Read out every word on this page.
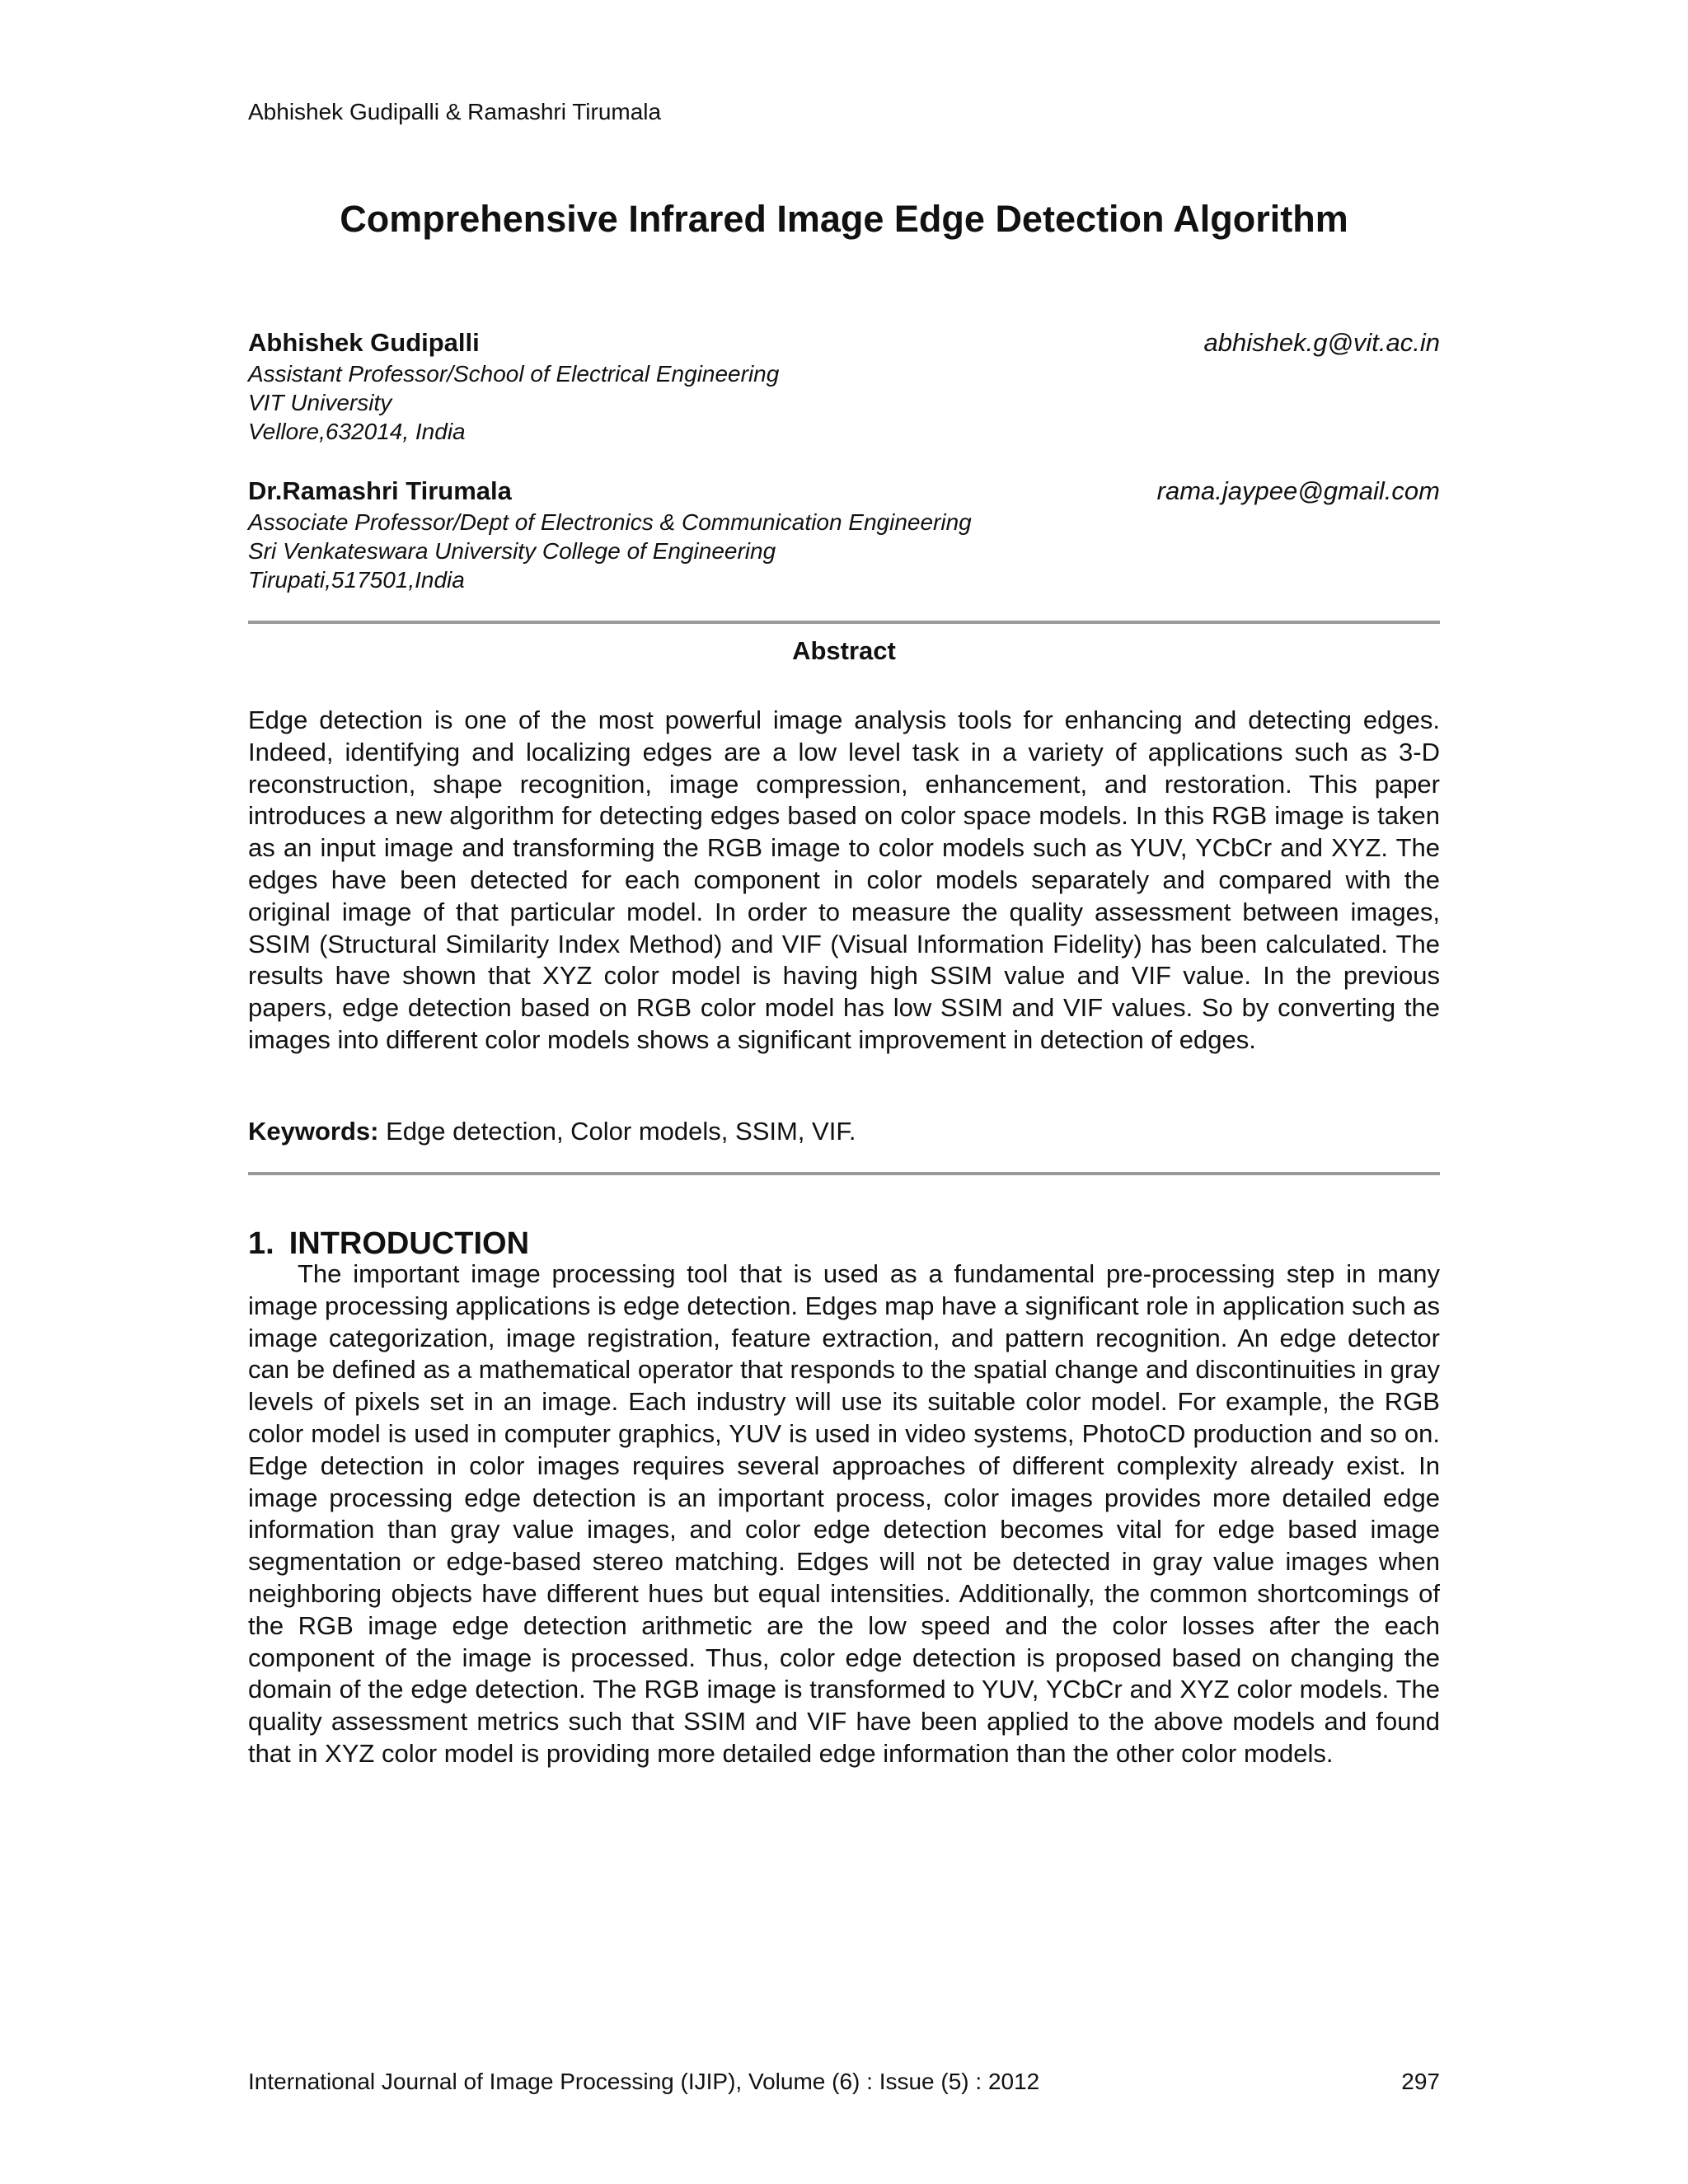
Abhishek Gudipalli & Ramashri Tirumala
Comprehensive Infrared Image Edge Detection Algorithm
Abhishek Gudipalli	abhishek.g@vit.ac.in
Assistant Professor/School of Electrical Engineering
VIT University
Vellore,632014, India
Dr.Ramashri Tirumala	rama.jaypee@gmail.com
Associate Professor/Dept of Electronics & Communication Engineering
Sri Venkateswara University College of Engineering
Tirupati,517501,India
Abstract
Edge detection is one of the most powerful image analysis tools for enhancing and detecting edges. Indeed, identifying and localizing edges are a low level task in a variety of applications such as 3-D reconstruction, shape recognition, image compression, enhancement, and restoration. This paper introduces a new algorithm for detecting edges based on color space models. In this RGB image is taken as an input image and transforming the RGB image to color models such as YUV, YCbCr and XYZ. The edges have been detected for each component in color models separately and compared with the original image of that particular model. In order to measure the quality assessment between images, SSIM (Structural Similarity Index Method) and VIF (Visual Information Fidelity) has been calculated. The results have shown that XYZ color model is having high SSIM value and VIF value. In the previous papers, edge detection based on RGB color model has low SSIM and VIF values. So by converting the images into different color models shows a significant improvement in detection of edges.
Keywords: Edge detection, Color models, SSIM, VIF.
1. INTRODUCTION
The important image processing tool that is used as a fundamental pre-processing step in many image processing applications is edge detection. Edges map have a significant role in application such as image categorization, image registration, feature extraction, and pattern recognition. An edge detector can be defined as a mathematical operator that responds to the spatial change and discontinuities in gray levels of pixels set in an image. Each industry will use its suitable color model. For example, the RGB color model is used in computer graphics, YUV is used in video systems, PhotoCD production and so on. Edge detection in color images requires several approaches of different complexity already exist. In image processing edge detection is an important process, color images provides more detailed edge information than gray value images, and color edge detection becomes vital for edge based image segmentation or edge-based stereo matching. Edges will not be detected in gray value images when neighboring objects have different hues but equal intensities. Additionally, the common shortcomings of the RGB image edge detection arithmetic are the low speed and the color losses after the each component of the image is processed. Thus, color edge detection is proposed based on changing the domain of the edge detection. The RGB image is transformed to YUV, YCbCr and XYZ color models. The quality assessment metrics such that SSIM and VIF have been applied to the above models and found that in XYZ color model is providing more detailed edge information than the other color models.
International Journal of Image Processing (IJIP), Volume (6) : Issue (5) : 2012	297
